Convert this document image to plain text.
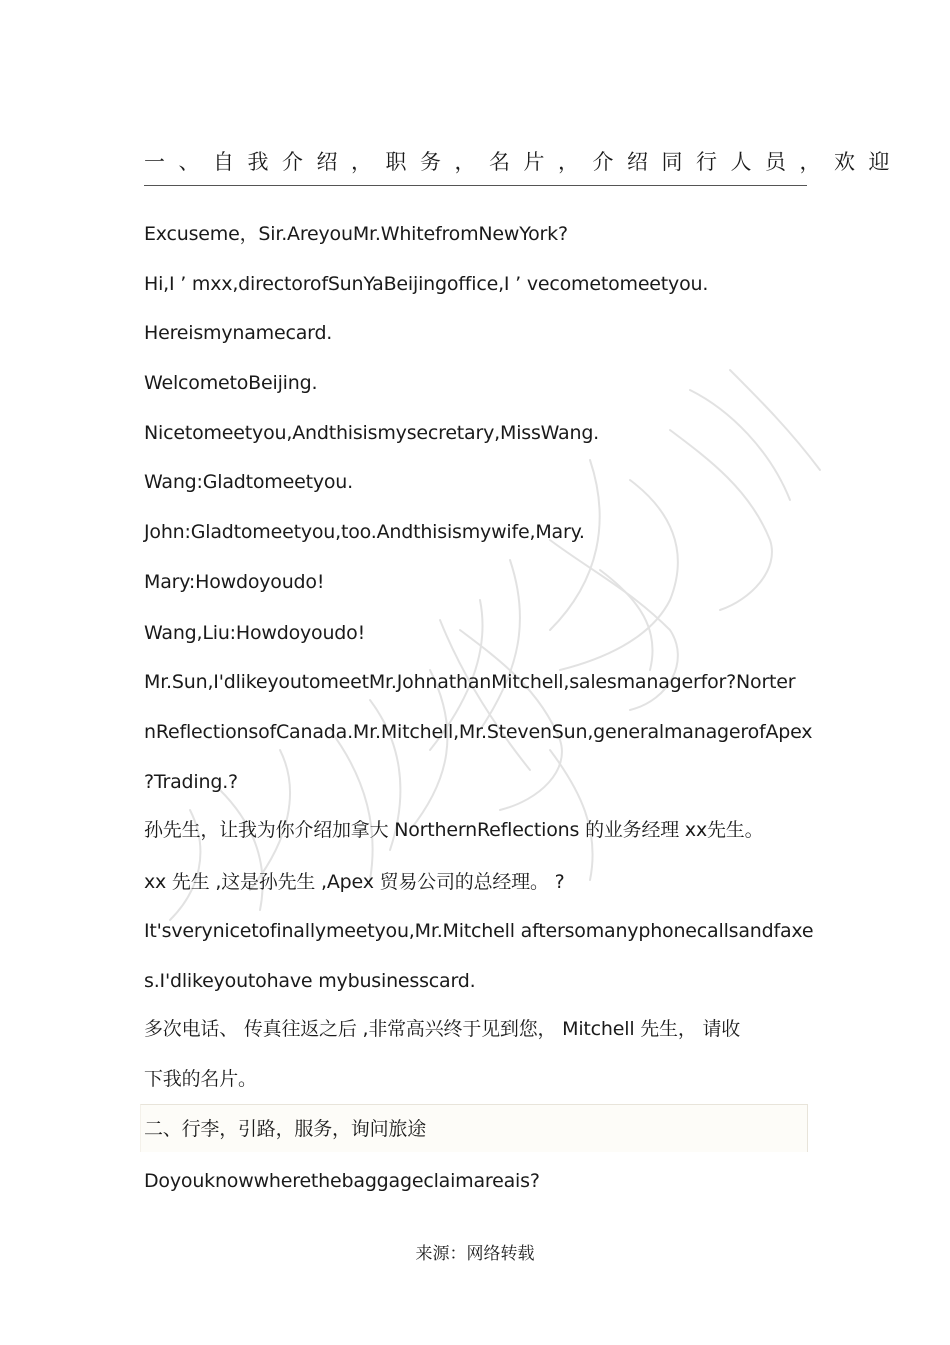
一、自我介绍，职务，名片，介绍同行人员，欢迎
Excuseme，Sir.AreyouMr.WhitefromNewYork?
Hi,I ’ mxx,directorofSunYaBeijingoffice,I ’ vecometomeetyou.
Hereismynamecard.
WelcometoBeijing.
Nicetomeetyou,Andthisismysecretary,MissWang.
Wang:Gladtomeetyou.
John:Gladtomeetyou,too.Andthisismywife,Mary.
Mary:Howdoyoudo!
Wang,Liu:Howdoyoudo!
Mr.Sun,I'dlikeyoutomeetMr.JohnathanMitchell,salesmanagerfor?Norter
nReflectionsofCanada.Mr.Mitchell,Mr.StevenSun,generalmanagerofApex
?Trading.?
孙先生，让我为你介绍加拿大 NorthernReflections 的业务经理 xx先生。
xx 先生 ,这是孙先生 ,Apex 贸易公司的总经理。 ?
It'sverynicetofinallymeetyou,Mr.Mitchell aftersomanyphonecallsandfaxe
s.I'dlikeyoutohave mybusinesscard.
多次电话、 传真往返之后 ,非常高兴终于见到您， Mitchell 先生， 请收
下我的名片。
二、行李，引路，服务，询问旅途
Doyouknowwherethebaggageclaimareais?
来源：网络转载
